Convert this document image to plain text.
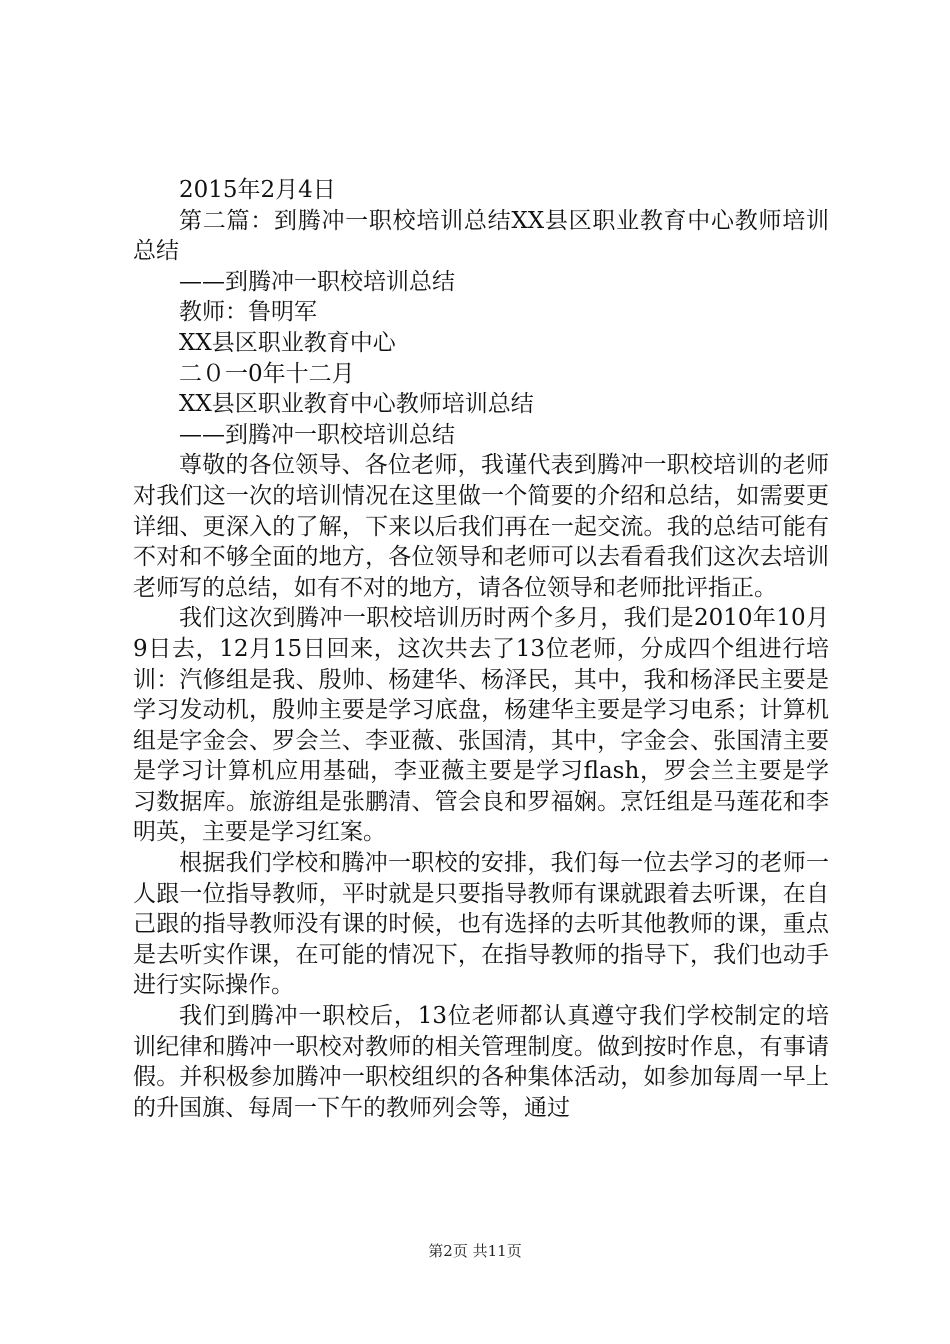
2015年2月4日

第二篇：到腾冲一职校培训总结XX县区职业教育中心教师培训总结

——到腾冲一职校培训总结

教师：鲁明军

XX县区职业教育中心

二０一0年十二月

XX县区职业教育中心教师培训总结

——到腾冲一职校培训总结

尊敬的各位领导、各位老师，我谨代表到腾冲一职校培训的老师对我们这一次的培训情况在这里做一个简要的介绍和总结，如需要更详细、更深入的了解，下来以后我们再在一起交流。我的总结可能有不对和不够全面的地方，各位领导和老师可以去看看我们这次去培训老师写的总结，如有不对的地方，请各位领导和老师批评指正。

我们这次到腾冲一职校培训历时两个多月，我们是2010年10月9日去，12月15日回来，这次共去了13位老师，分成四个组进行培训：汽修组是我、殷帅、杨建华、杨泽民，其中，我和杨泽民主要是学习发动机，殷帅主要是学习底盘，杨建华主要是学习电系；计算机组是字金会、罗会兰、李亚薇、张国清，其中，字金会、张国清主要是学习计算机应用基础，李亚薇主要是学习flash，罗会兰主要是学习数据库。旅游组是张鹏清、管会良和罗福娴。烹饪组是马莲花和李明英，主要是学习红案。

根据我们学校和腾冲一职校的安排，我们每一位去学习的老师一人跟一位指导教师，平时就是只要指导教师有课就跟着去听课，在自己跟的指导教师没有课的时候，也有选择的去听其他教师的课，重点是去听实作课，在可能的情况下，在指导教师的指导下，我们也动手进行实际操作。

我们到腾冲一职校后，13位老师都认真遵守我们学校制定的培训纪律和腾冲一职校对教师的相关管理制度。做到按时作息，有事请假。并积极参加腾冲一职校组织的各种集体活动，如参加每周一早上的升国旗、每周一下午的教师列会等，通过

第2页 共11页
